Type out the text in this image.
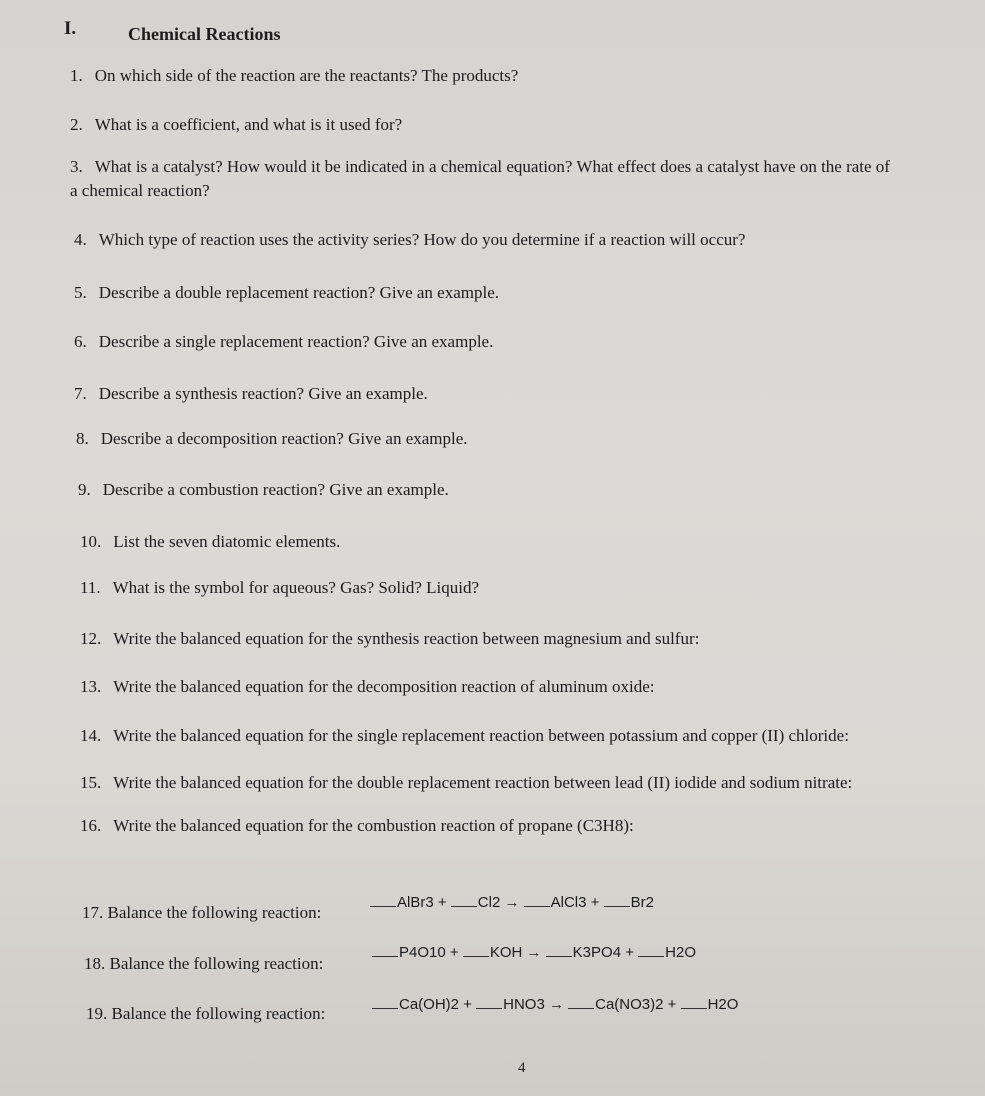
I.	Chemical Reactions
1. On which side of the reaction are the reactants? The products?
2. What is a coefficient, and what is it used for?
3. What is a catalyst? How would it be indicated in a chemical equation? What effect does a catalyst have on the rate of a chemical reaction?
4. Which type of reaction uses the activity series? How do you determine if a reaction will occur?
5. Describe a double replacement reaction? Give an example.
6. Describe a single replacement reaction? Give an example.
7. Describe a synthesis reaction? Give an example.
8. Describe a decomposition reaction? Give an example.
9. Describe a combustion reaction? Give an example.
10. List the seven diatomic elements.
11. What is the symbol for aqueous? Gas? Solid? Liquid?
12. Write the balanced equation for the synthesis reaction between magnesium and sulfur:
13. Write the balanced equation for the decomposition reaction of aluminum oxide:
14. Write the balanced equation for the single replacement reaction between potassium and copper (II) chloride:
15. Write the balanced equation for the double replacement reaction between lead (II) iodide and sodium nitrate:
16. Write the balanced equation for the combustion reaction of propane (C3H8):
17. Balance the following reaction:
AlBr3 + Cl2 → AlCl3 + Br2
18. Balance the following reaction:
P4O10 + KOH → K3PO4 + H2O
19. Balance the following reaction:	Ca(OH)2 + HNO3 → Ca(NO3)2 + H2O
4
